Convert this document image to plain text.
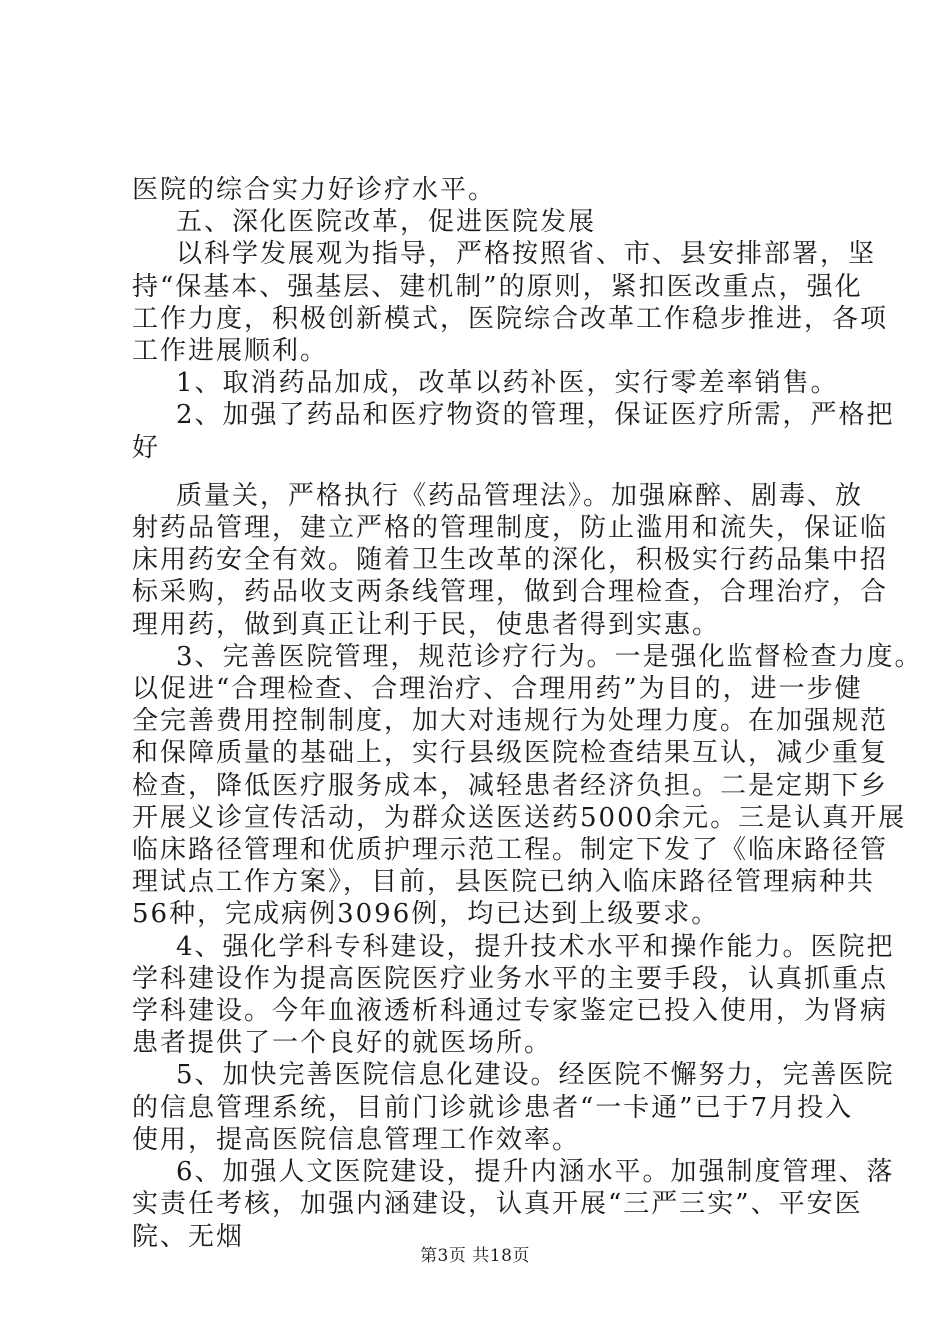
医院的综合实力好诊疗水平。

五、深化医院改革，促进医院发展

以科学发展观为指导，严格按照省、市、县安排部署，坚

持“保基本、强基层、建机制”的原则，紧扣医改重点，强化

工作力度，积极创新模式，医院综合改革工作稳步推进，各项

工作进展顺利。

1、取消药品加成，改革以药补医，实行零差率销售。

2、加强了药品和医疗物资的管理，保证医疗所需，严格把

好

质量关，严格执行《药品管理法》。加强麻醉、剧毒、放

射药品管理，建立严格的管理制度，防止滥用和流失，保证临

床用药安全有效。随着卫生改革的深化，积极实行药品集中招

标采购，药品收支两条线管理，做到合理检查，合理治疗，合

理用药，做到真正让利于民，使患者得到实惠。

3、完善医院管理，规范诊疗行为。一是强化监督检查力度。

以促进“合理检查、合理治疗、合理用药”为目的，进一步健

全完善费用控制制度，加大对违规行为处理力度。在加强规范

和保障质量的基础上，实行县级医院检查结果互认，减少重复

检查，降低医疗服务成本，减轻患者经济负担。二是定期下乡

开展义诊宣传活动，为群众送医送药5000余元。三是认真开展

临床路径管理和优质护理示范工程。制定下发了《临床路径管

理试点工作方案》，目前，县医院已纳入临床路径管理病种共

56种，完成病例3096例，均已达到上级要求。

4、强化学科专科建设，提升技术水平和操作能力。医院把

学科建设作为提高医院医疗业务水平的主要手段，认真抓重点

学科建设。今年血液透析科通过专家鉴定已投入使用，为肾病

患者提供了一个良好的就医场所。

5、加快完善医院信息化建设。经医院不懈努力，完善医院

的信息管理系统，目前门诊就诊患者“一卡通”已于7月投入

使用，提高医院信息管理工作效率。

6、加强人文医院建设，提升内涵水平。加强制度管理、落

实责任考核，加强内涵建设，认真开展“三严三实”、平安医

院、无烟

第3页 共18页
